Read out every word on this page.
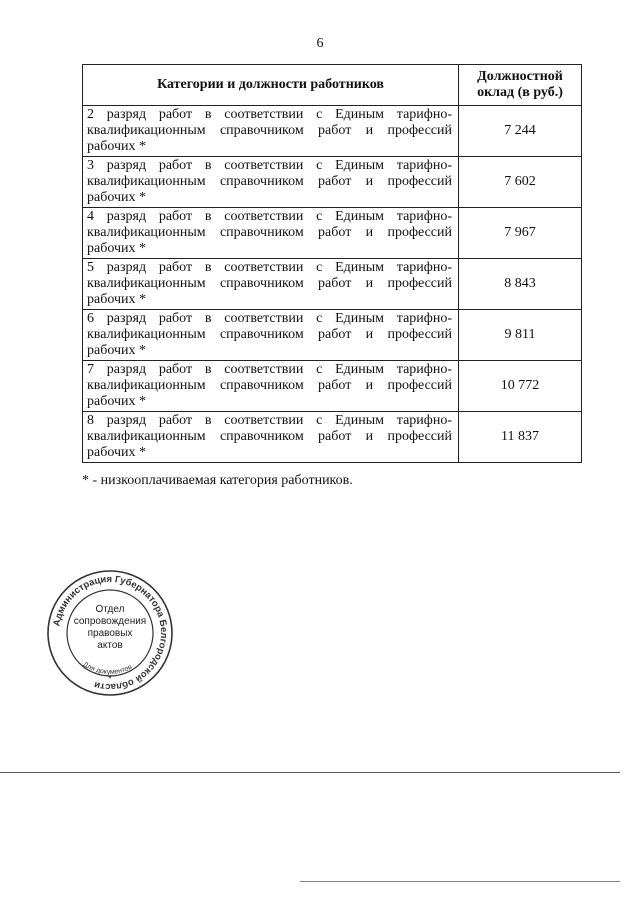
6
Категории и должности работников	Должностной оклад (в руб.)
2 разряд работ в соответствии с Единым тарифно-квалификационным справочником работ и профессий рабочих *	7 244
3 разряд работ в соответствии с Единым тарифно-квалификационным справочником работ и профессий рабочих *	7 602
4 разряд работ в соответствии с Единым тарифно-квалификационным справочником работ и профессий рабочих *	7 967
5 разряд работ в соответствии с Единым тарифно-квалификационным справочником работ и профессий рабочих *	8 843
6 разряд работ в соответствии с Единым тарифно-квалификационным справочником работ и профессий рабочих *	9 811
7 разряд работ в соответствии с Единым тарифно-квалификационным справочником работ и профессий рабочих *	10 772
8 разряд работ в соответствии с Единым тарифно-квалификационным справочником работ и профессий рабочих *	11 837
* - низкооплачиваемая категория работников.
Администрация Губернатора Белгородской области
Отдел
сопровождения
правовых
актов
Для документов
*
